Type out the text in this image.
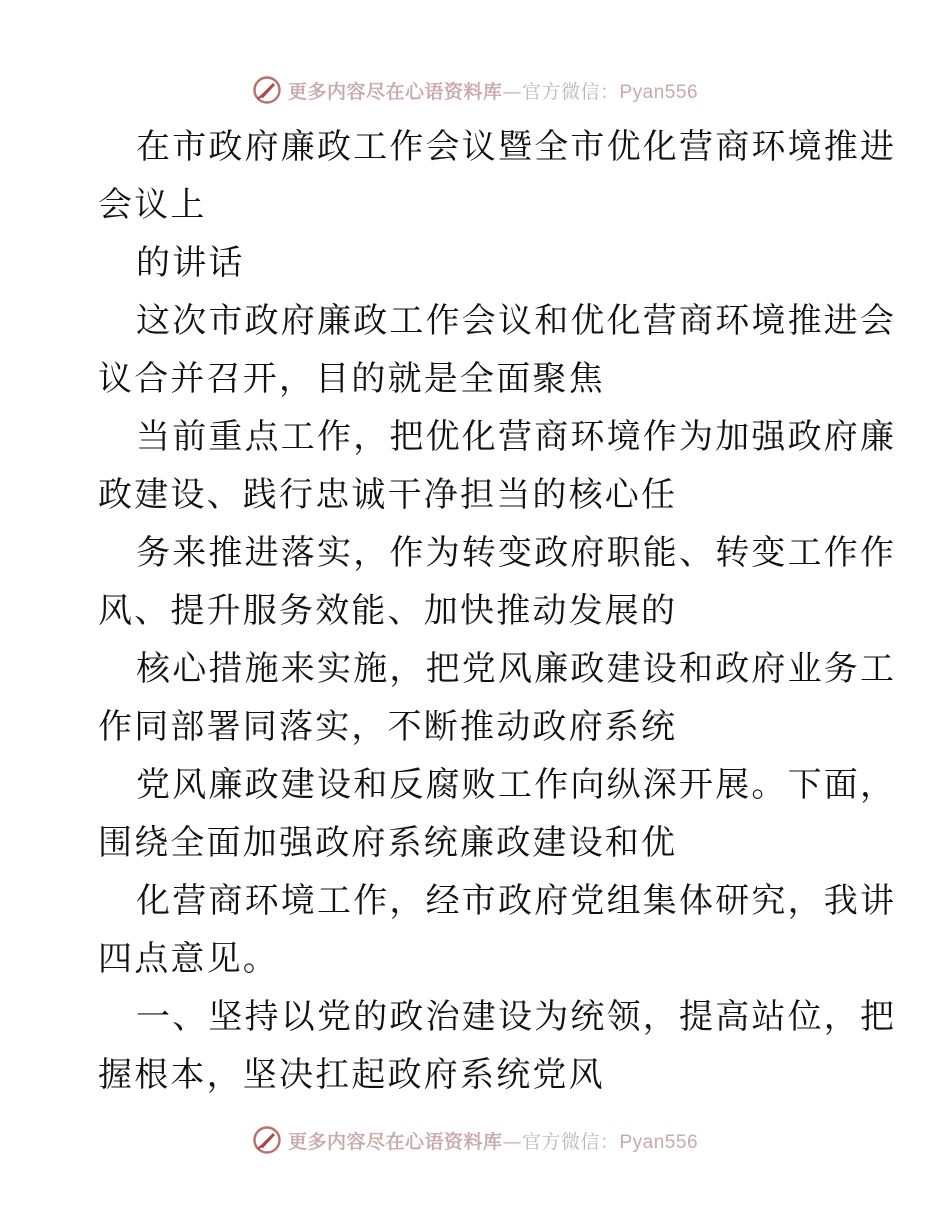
更多内容尽在心语资料库—官方微信：Pyan556
在市政府廉政工作会议暨全市优化营商环境推进
会议上
的讲话
这次市政府廉政工作会议和优化营商环境推进会
议合并召开，目的就是全面聚焦
当前重点工作，把优化营商环境作为加强政府廉
政建设、践行忠诚干净担当的核心任
务来推进落实，作为转变政府职能、转变工作作
风、提升服务效能、加快推动发展的
核心措施来实施，把党风廉政建设和政府业务工
作同部署同落实，不断推动政府系统
党风廉政建设和反腐败工作向纵深开展。下面，
围绕全面加强政府系统廉政建设和优
化营商环境工作，经市政府党组集体研究，我讲
四点意见。
一、坚持以党的政治建设为统领，提高站位，把
握根本，坚决扛起政府系统党风
更多内容尽在心语资料库—官方微信：Pyan556
